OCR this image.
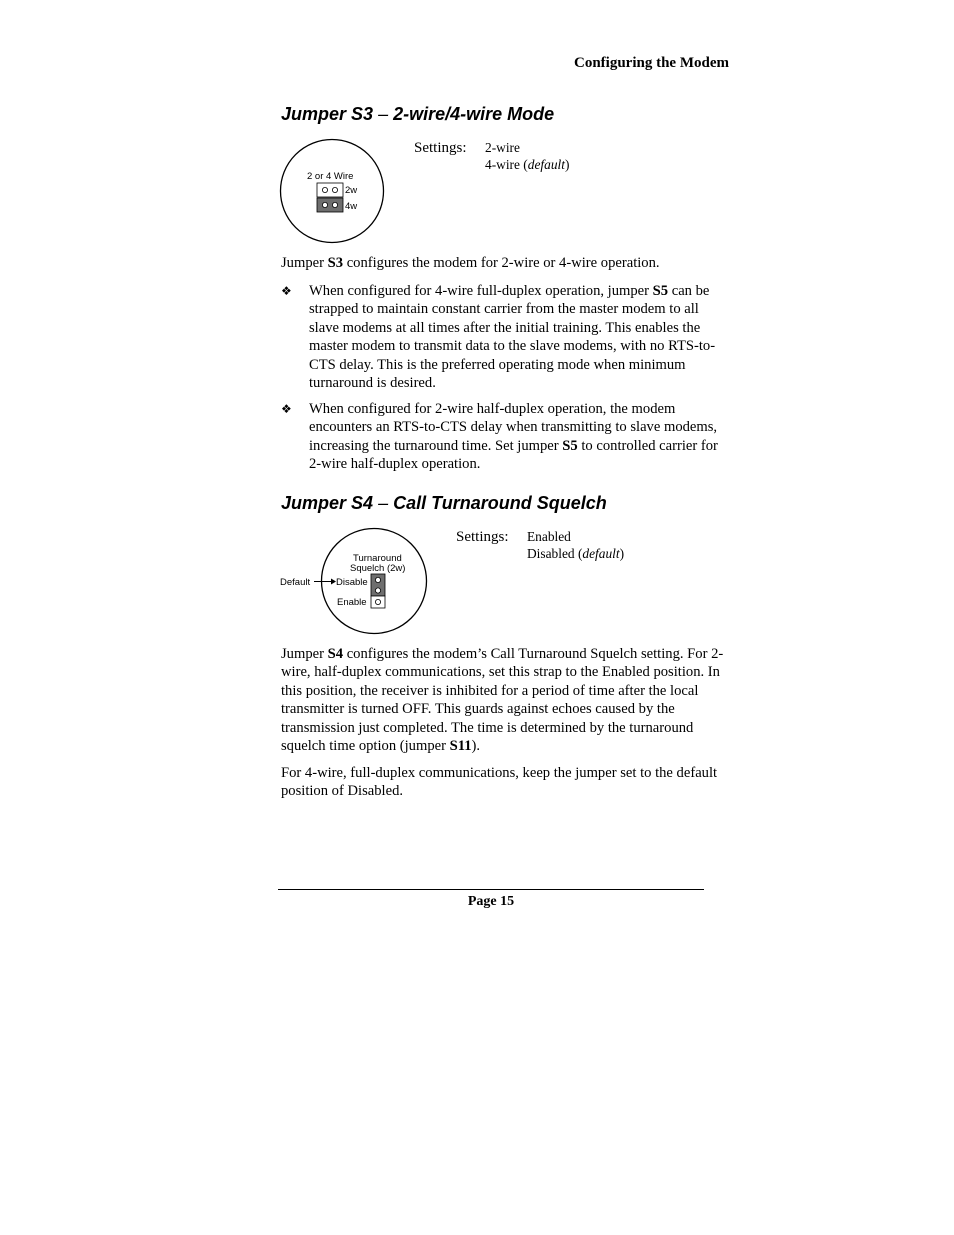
Configuring the Modem
Jumper S3 – 2-wire/4-wire Mode
2 or 4 Wire
2w
4w
Settings: 2-wire
4-wire (default)
Jumper S3 configures the modem for 2-wire or 4-wire operation.
❖ When configured for 4-wire full-duplex operation, jumper S5 can be strapped to maintain constant carrier from the master modem to all slave modems at all times after the initial training. This enables the master modem to transmit data to the slave modems, with no RTS-to-CTS delay. This is the preferred operating mode when minimum turnaround is desired.
❖ When configured for 2-wire half-duplex operation, the modem encounters an RTS-to-CTS delay when transmitting to slave modems, increasing the turnaround time. Set jumper S5 to controlled carrier for 2-wire half-duplex operation.
Jumper S4 – Call Turnaround Squelch
Turnaround
Squelch (2w)
Default	Disable
Enable
Settings: Enabled
Disabled (default)
Jumper S4 configures the modem’s Call Turnaround Squelch setting. For 2-wire, half-duplex communications, set this strap to the Enabled position. In this position, the receiver is inhibited for a period of time after the local transmitter is turned OFF. This guards against echoes caused by the transmission just completed. The time is determined by the turnaround squelch time option (jumper S11).
For 4-wire, full-duplex communications, keep the jumper set to the default position of Disabled.
Page 15
